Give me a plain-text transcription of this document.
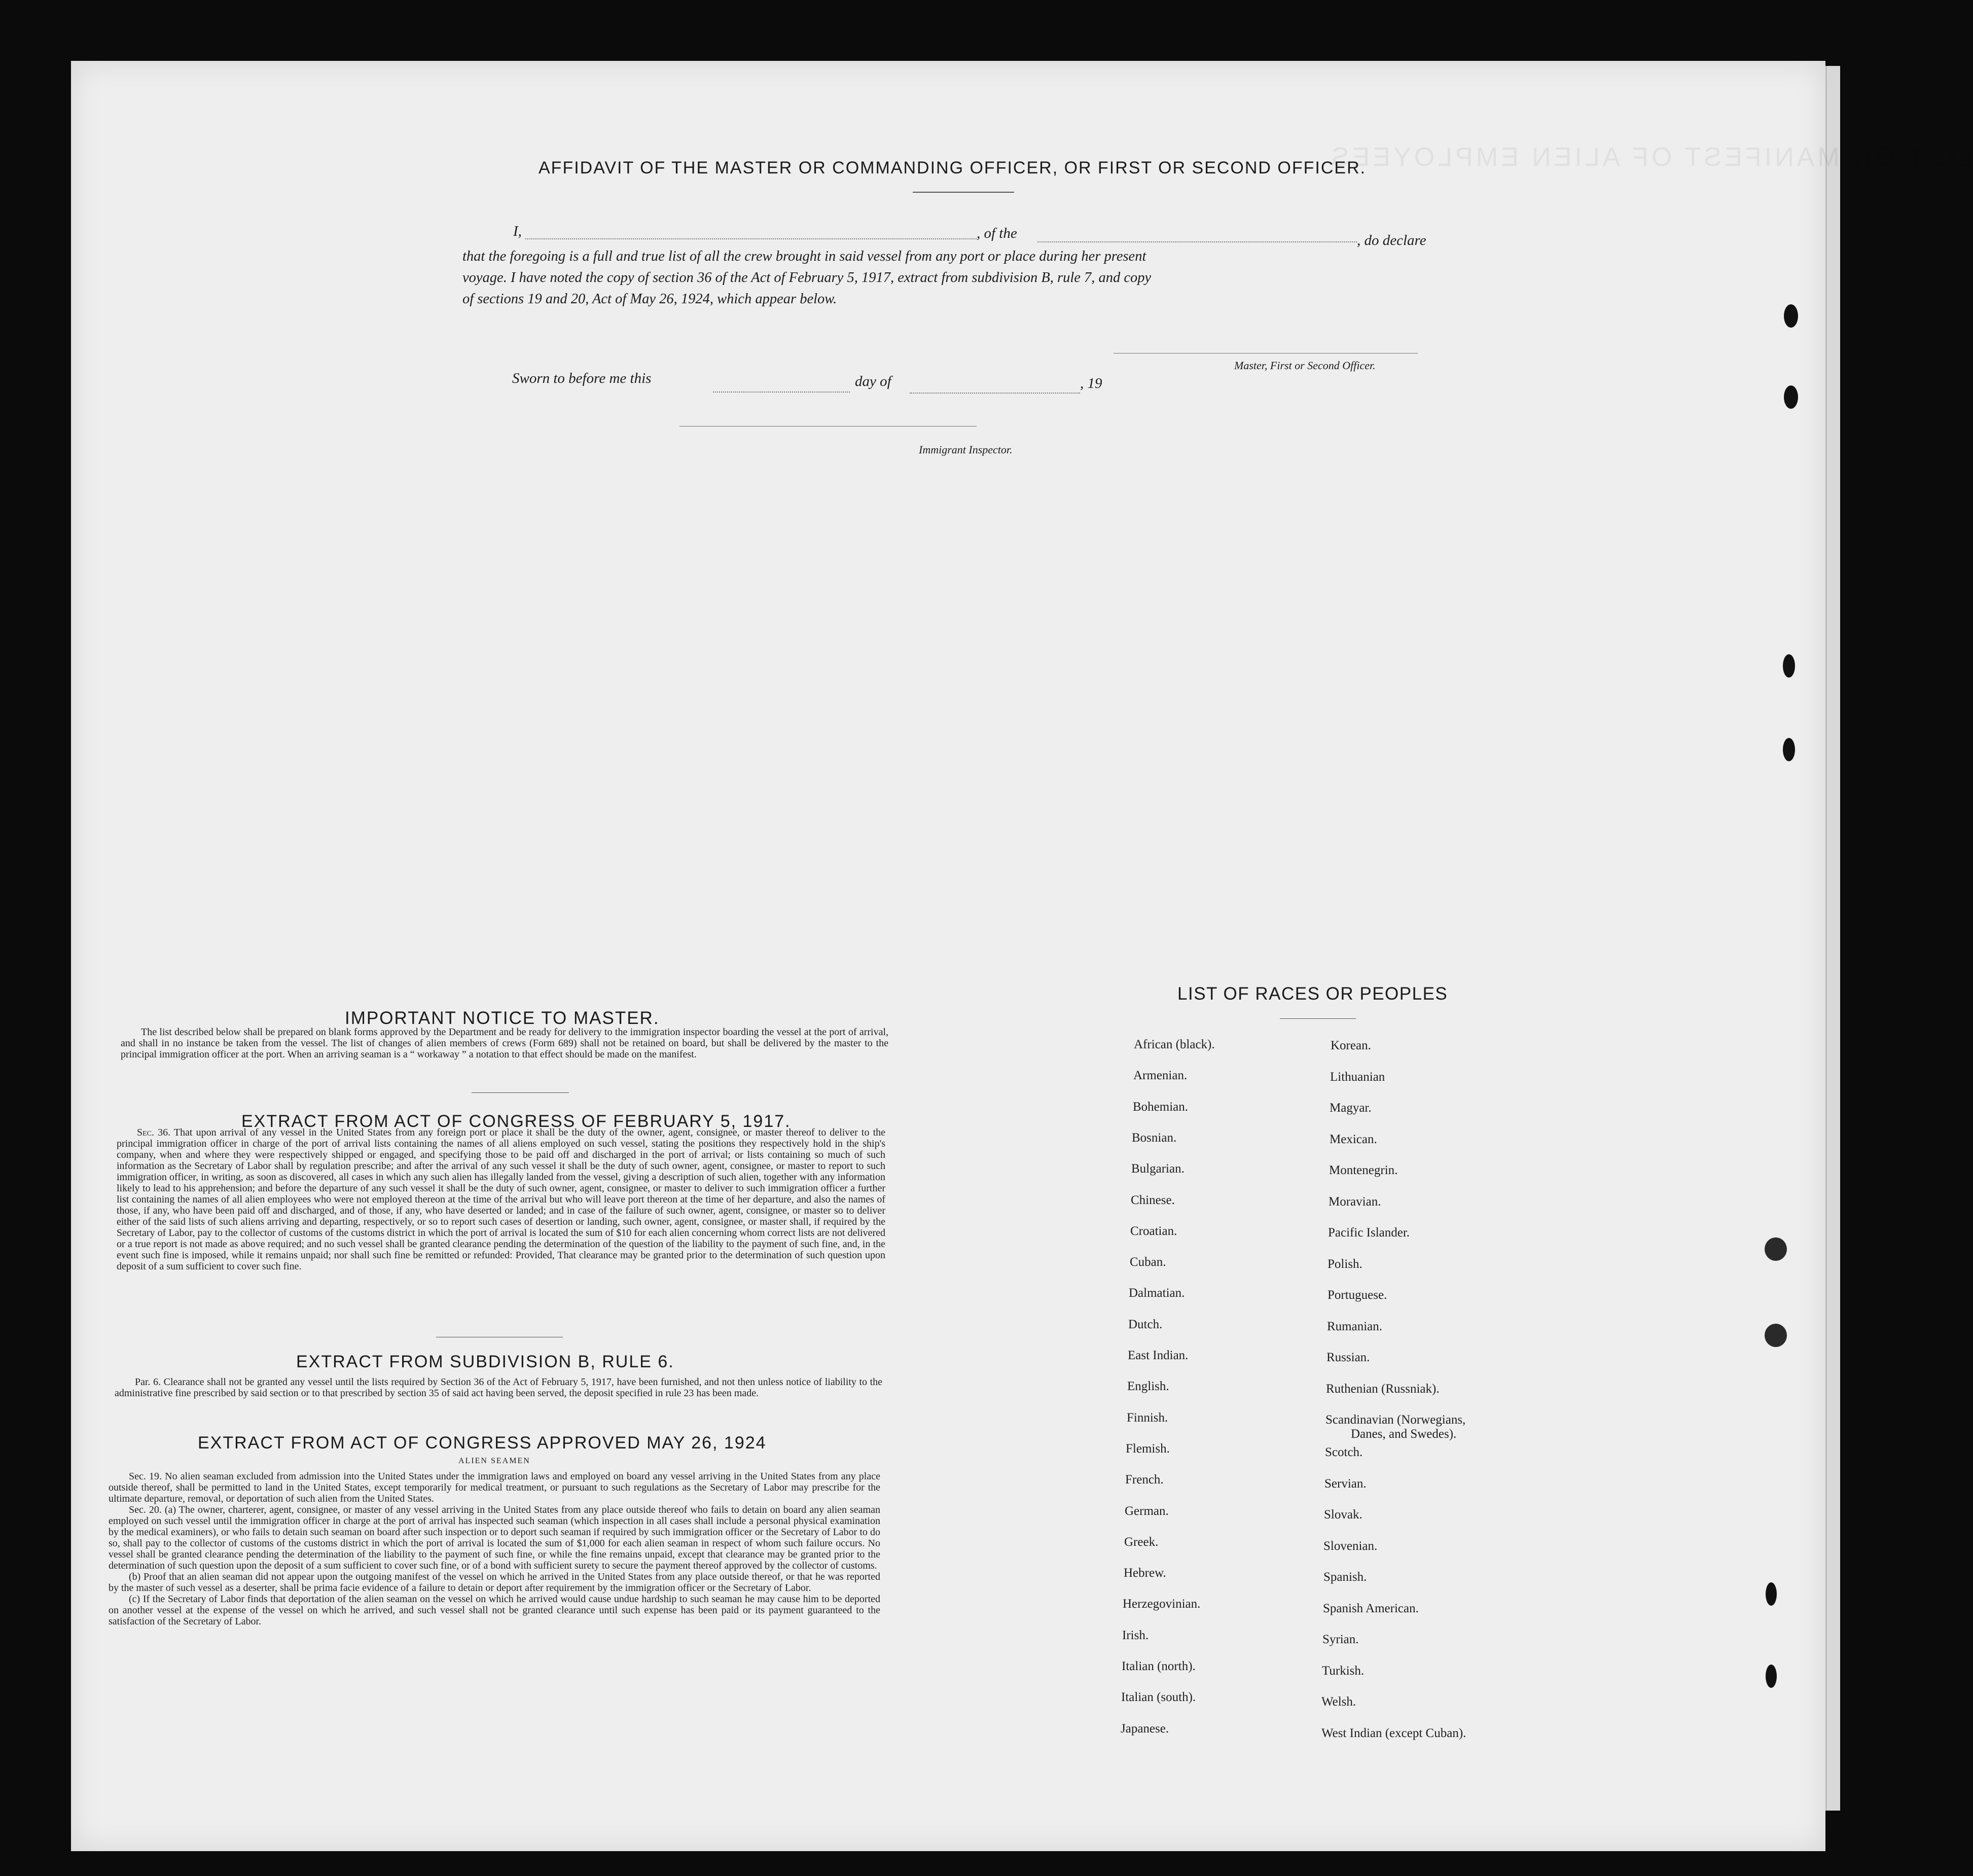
LIST OR MANIFEST OF ALIEN EMPLOYEES
AFFIDAVIT OF THE MASTER OR COMMANDING OFFICER, OR FIRST OR SECOND OFFICER.
I,	, of the	, do declare
that the foregoing is a full and true list of all the crew brought in said vessel from any port or place during her present
voyage. I have noted the copy of section 36 of the Act of February 5, 1917, extract from subdivision B, rule 7, and copy
of sections 19 and 20, Act of May 26, 1924, which appear below.
Master, First or Second Officer.
Sworn to before me this	day of	, 19
Immigrant Inspector.
IMPORTANT NOTICE TO MASTER.

The list described below shall be prepared on blank forms approved by the Department and be ready for delivery to the immigration inspector boarding the vessel at the port of arrival, and shall in no instance be taken from the vessel. The list of changes of alien members of crews (Form 689) shall not be retained on board, but shall be delivered by the master to the principal immigration officer at the port. When an arriving seaman is a “ workaway ” a notation to that effect should be made on the manifest.

EXTRACT FROM ACT OF CONGRESS OF FEBRUARY 5, 1917.

Sec. 36. That upon arrival of any vessel in the United States from any foreign port or place it shall be the duty of the owner, agent, consignee, or master thereof to deliver to the principal immigration officer in charge of the port of arrival lists containing the names of all aliens employed on such vessel, stating the positions they respectively hold in the ship's company, when and where they were respectively shipped or engaged, and specifying those to be paid off and discharged in the port of arrival; or lists containing so much of such information as the Secretary of Labor shall by regulation prescribe; and after the arrival of any such vessel it shall be the duty of such owner, agent, consignee, or master to report to such immigration officer, in writing, as soon as discovered, all cases in which any such alien has illegally landed from the vessel, giving a description of such alien, together with any information likely to lead to his apprehension; and before the departure of any such vessel it shall be the duty of such owner, agent, consignee, or master to deliver to such immigration officer a further list containing the names of all alien employees who were not employed thereon at the time of the arrival but who will leave port thereon at the time of her departure, and also the names of those, if any, who have been paid off and discharged, and of those, if any, who have deserted or landed; and in case of the failure of such owner, agent, consignee, or master so to deliver either of the said lists of such aliens arriving and departing, respectively, or so to report such cases of desertion or landing, such owner, agent, consignee, or master shall, if required by the Secretary of Labor, pay to the collector of customs of the customs district in which the port of arrival is located the sum of $10 for each alien concerning whom correct lists are not delivered or a true report is not made as above required; and no such vessel shall be granted clearance pending the determination of the question of the liability to the payment of such fine, and, in the event such fine is imposed, while it remains unpaid; nor shall such fine be remitted or refunded: Provided, That clearance may be granted prior to the determination of such question upon deposit of a sum sufficient to cover such fine.

EXTRACT FROM SUBDIVISION B, RULE 6.

Par. 6. Clearance shall not be granted any vessel until the lists required by Section 36 of the Act of February 5, 1917, have been furnished, and not then unless notice of liability to the administrative fine prescribed by said section or to that prescribed by section 35 of said act having been served, the deposit specified in rule 23 has been made.

EXTRACT FROM ACT OF CONGRESS APPROVED MAY 26, 1924
ALIEN SEAMEN

Sec. 19. No alien seaman excluded from admission into the United States under the immigration laws and employed on board any vessel arriving in the United States from any place outside thereof, shall be permitted to land in the United States, except temporarily for medical treatment, or pursuant to such regulations as the Secretary of Labor may prescribe for the ultimate departure, removal, or deportation of such alien from the United States.

Sec. 20. (a) The owner, charterer, agent, consignee, or master of any vessel arriving in the United States from any place outside thereof who fails to detain on board any alien seaman employed on such vessel until the immigration officer in charge at the port of arrival has inspected such seaman (which inspection in all cases shall include a personal physical examination by the medical examiners), or who fails to detain such seaman on board after such inspection or to deport such seaman if required by such immigration officer or the Secretary of Labor to do so, shall pay to the collector of customs of the customs district in which the port of arrival is located the sum of $1,000 for each alien seaman in respect of whom such failure occurs. No vessel shall be granted clearance pending the determination of the liability to the payment of such fine, or while the fine remains unpaid, except that clearance may be granted prior to the determination of such question upon the deposit of a sum sufficient to cover such fine, or of a bond with sufficient surety to secure the payment thereof approved by the collector of customs.

(b) Proof that an alien seaman did not appear upon the outgoing manifest of the vessel on which he arrived in the United States from any place outside thereof, or that he was reported by the master of such vessel as a deserter, shall be prima facie evidence of a failure to detain or deport after requirement by the immigration officer or the Secretary of Labor.

(c) If the Secretary of Labor finds that deportation of the alien seaman on the vessel on which he arrived would cause undue hardship to such seaman he may cause him to be deported on another vessel at the expense of the vessel on which he arrived, and such vessel shall not be granted clearance until such expense has been paid or its payment guaranteed to the satisfaction of the Secretary of Labor.

LIST OF RACES OR PEOPLES
African (black).
Armenian.
Bohemian.
Bosnian.
Bulgarian.
Chinese.
Croatian.
Cuban.
Dalmatian.
Dutch.
East Indian.
English.
Finnish.
Flemish.
French.
German.
Greek.
Hebrew.
Herzegovinian.
Irish.
Italian (north).
Italian (south).
Japanese.
Korean.
Lithuanian
Magyar.
Mexican.
Montenegrin.
Moravian.
Pacific Islander.
Polish.
Portuguese.
Rumanian.
Russian.
Ruthenian (Russniak).
Scandinavian (Norwegians,
Danes, and Swedes).
Scotch.
Servian.
Slovak.
Slovenian.
Spanish.
Spanish American.
Syrian.
Turkish.
Welsh.
West Indian (except Cuban).
